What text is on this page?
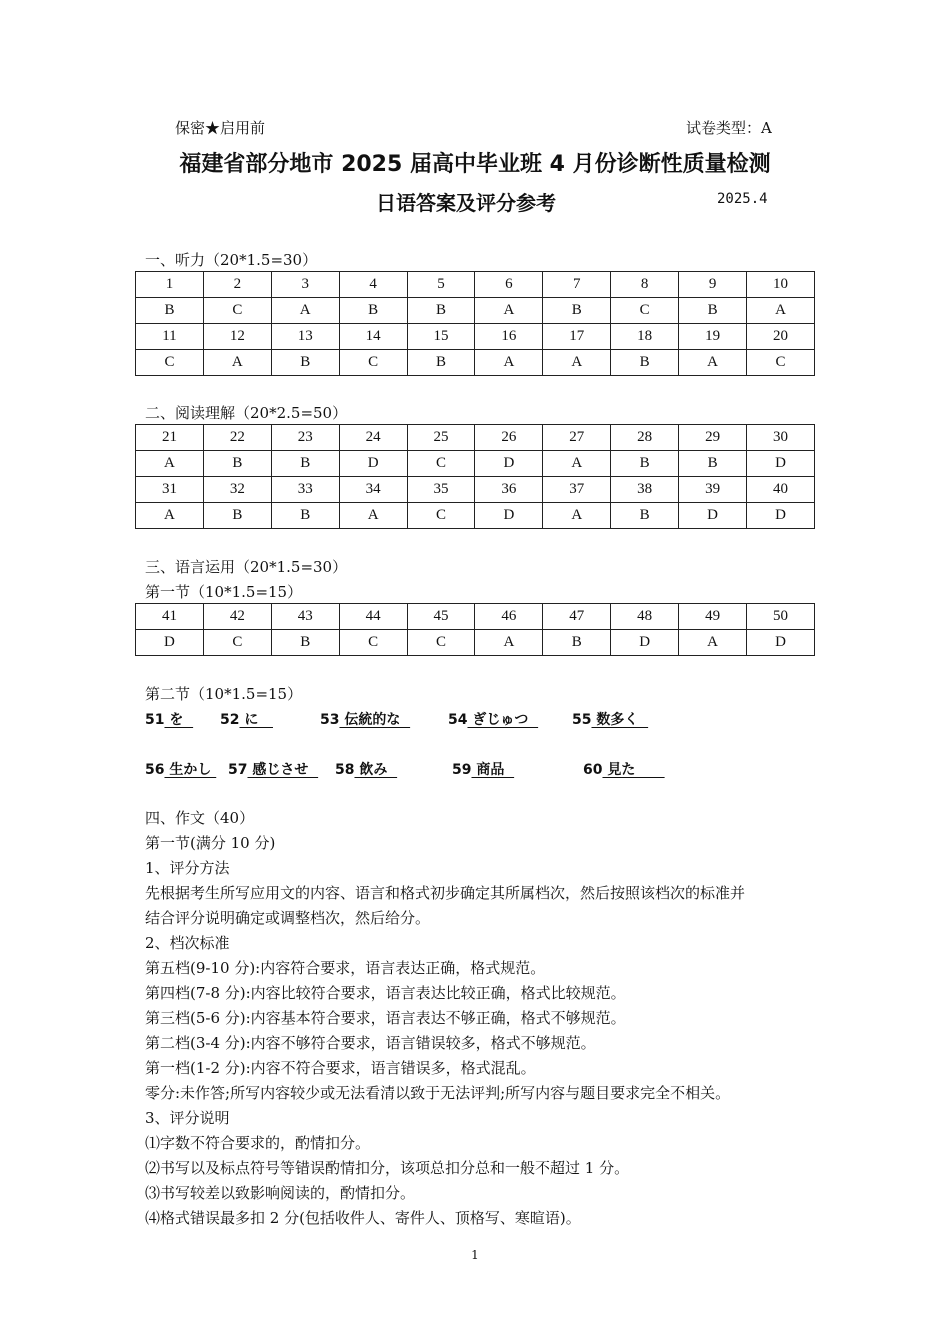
保密★启用前	试卷类型：A
福建省部分地市 2025 届高中毕业班 4 月份诊断性质量检测
日语答案及评分参考	2025.4
一、听力（20*1.5=30）
1	2	3	4	5	6	7	8	9	10
B	C	A	B	B	A	B	C	B	A
11	12	13	14	15	16	17	18	19	20
C	A	B	C	B	A	A	B	A	C
二、阅读理解（20*2.5=50）
21	22	23	24	25	26	27	28	29	30
A	B	B	D	C	D	A	B	B	D
31	32	33	34	35	36	37	38	39	40
A	B	B	A	C	D	A	B	D	D
三、语言运用（20*1.5=30）
第一节（10*1.5=15）
41	42	43	44	45	46	47	48	49	50
D	C	B	C	C	A	B	D	A	D
第二节（10*1.5=15）
51 を 52 に	53 伝統的な	54 ぎじゅつ 55 数多く
56 生かし 57 感じさせ 58 飲み	59 商品	60 見た
四、作文（40）
第一节(满分 10 分)
1、评分方法
先根据考生所写应用文的内容、语言和格式初步确定其所属档次，然后按照该档次的标准并
结合评分说明确定或调整档次，然后给分。
2、档次标准
第五档(9-10 分):内容符合要求，语言表达正确，格式规范。
第四档(7-8 分):内容比较符合要求，语言表达比较正确，格式比较规范。
第三档(5-6 分):内容基本符合要求，语言表达不够正确，格式不够规范。
第二档(3-4 分):内容不够符合要求，语言错误较多，格式不够规范。
第一档(1-2 分):内容不符合要求，语言错误多，格式混乱。
零分:未作答;所写内容较少或无法看清以致于无法评判;所写内容与题目要求完全不相关。
3、评分说明
⑴字数不符合要求的，酌情扣分。
⑵书写以及标点符号等错误酌情扣分，该项总扣分总和一般不超过 1 分。
⑶书写较差以致影响阅读的，酌情扣分。
⑷格式错误最多扣 2 分(包括收件人、寄件人、顶格写、寒暄语)。
1
